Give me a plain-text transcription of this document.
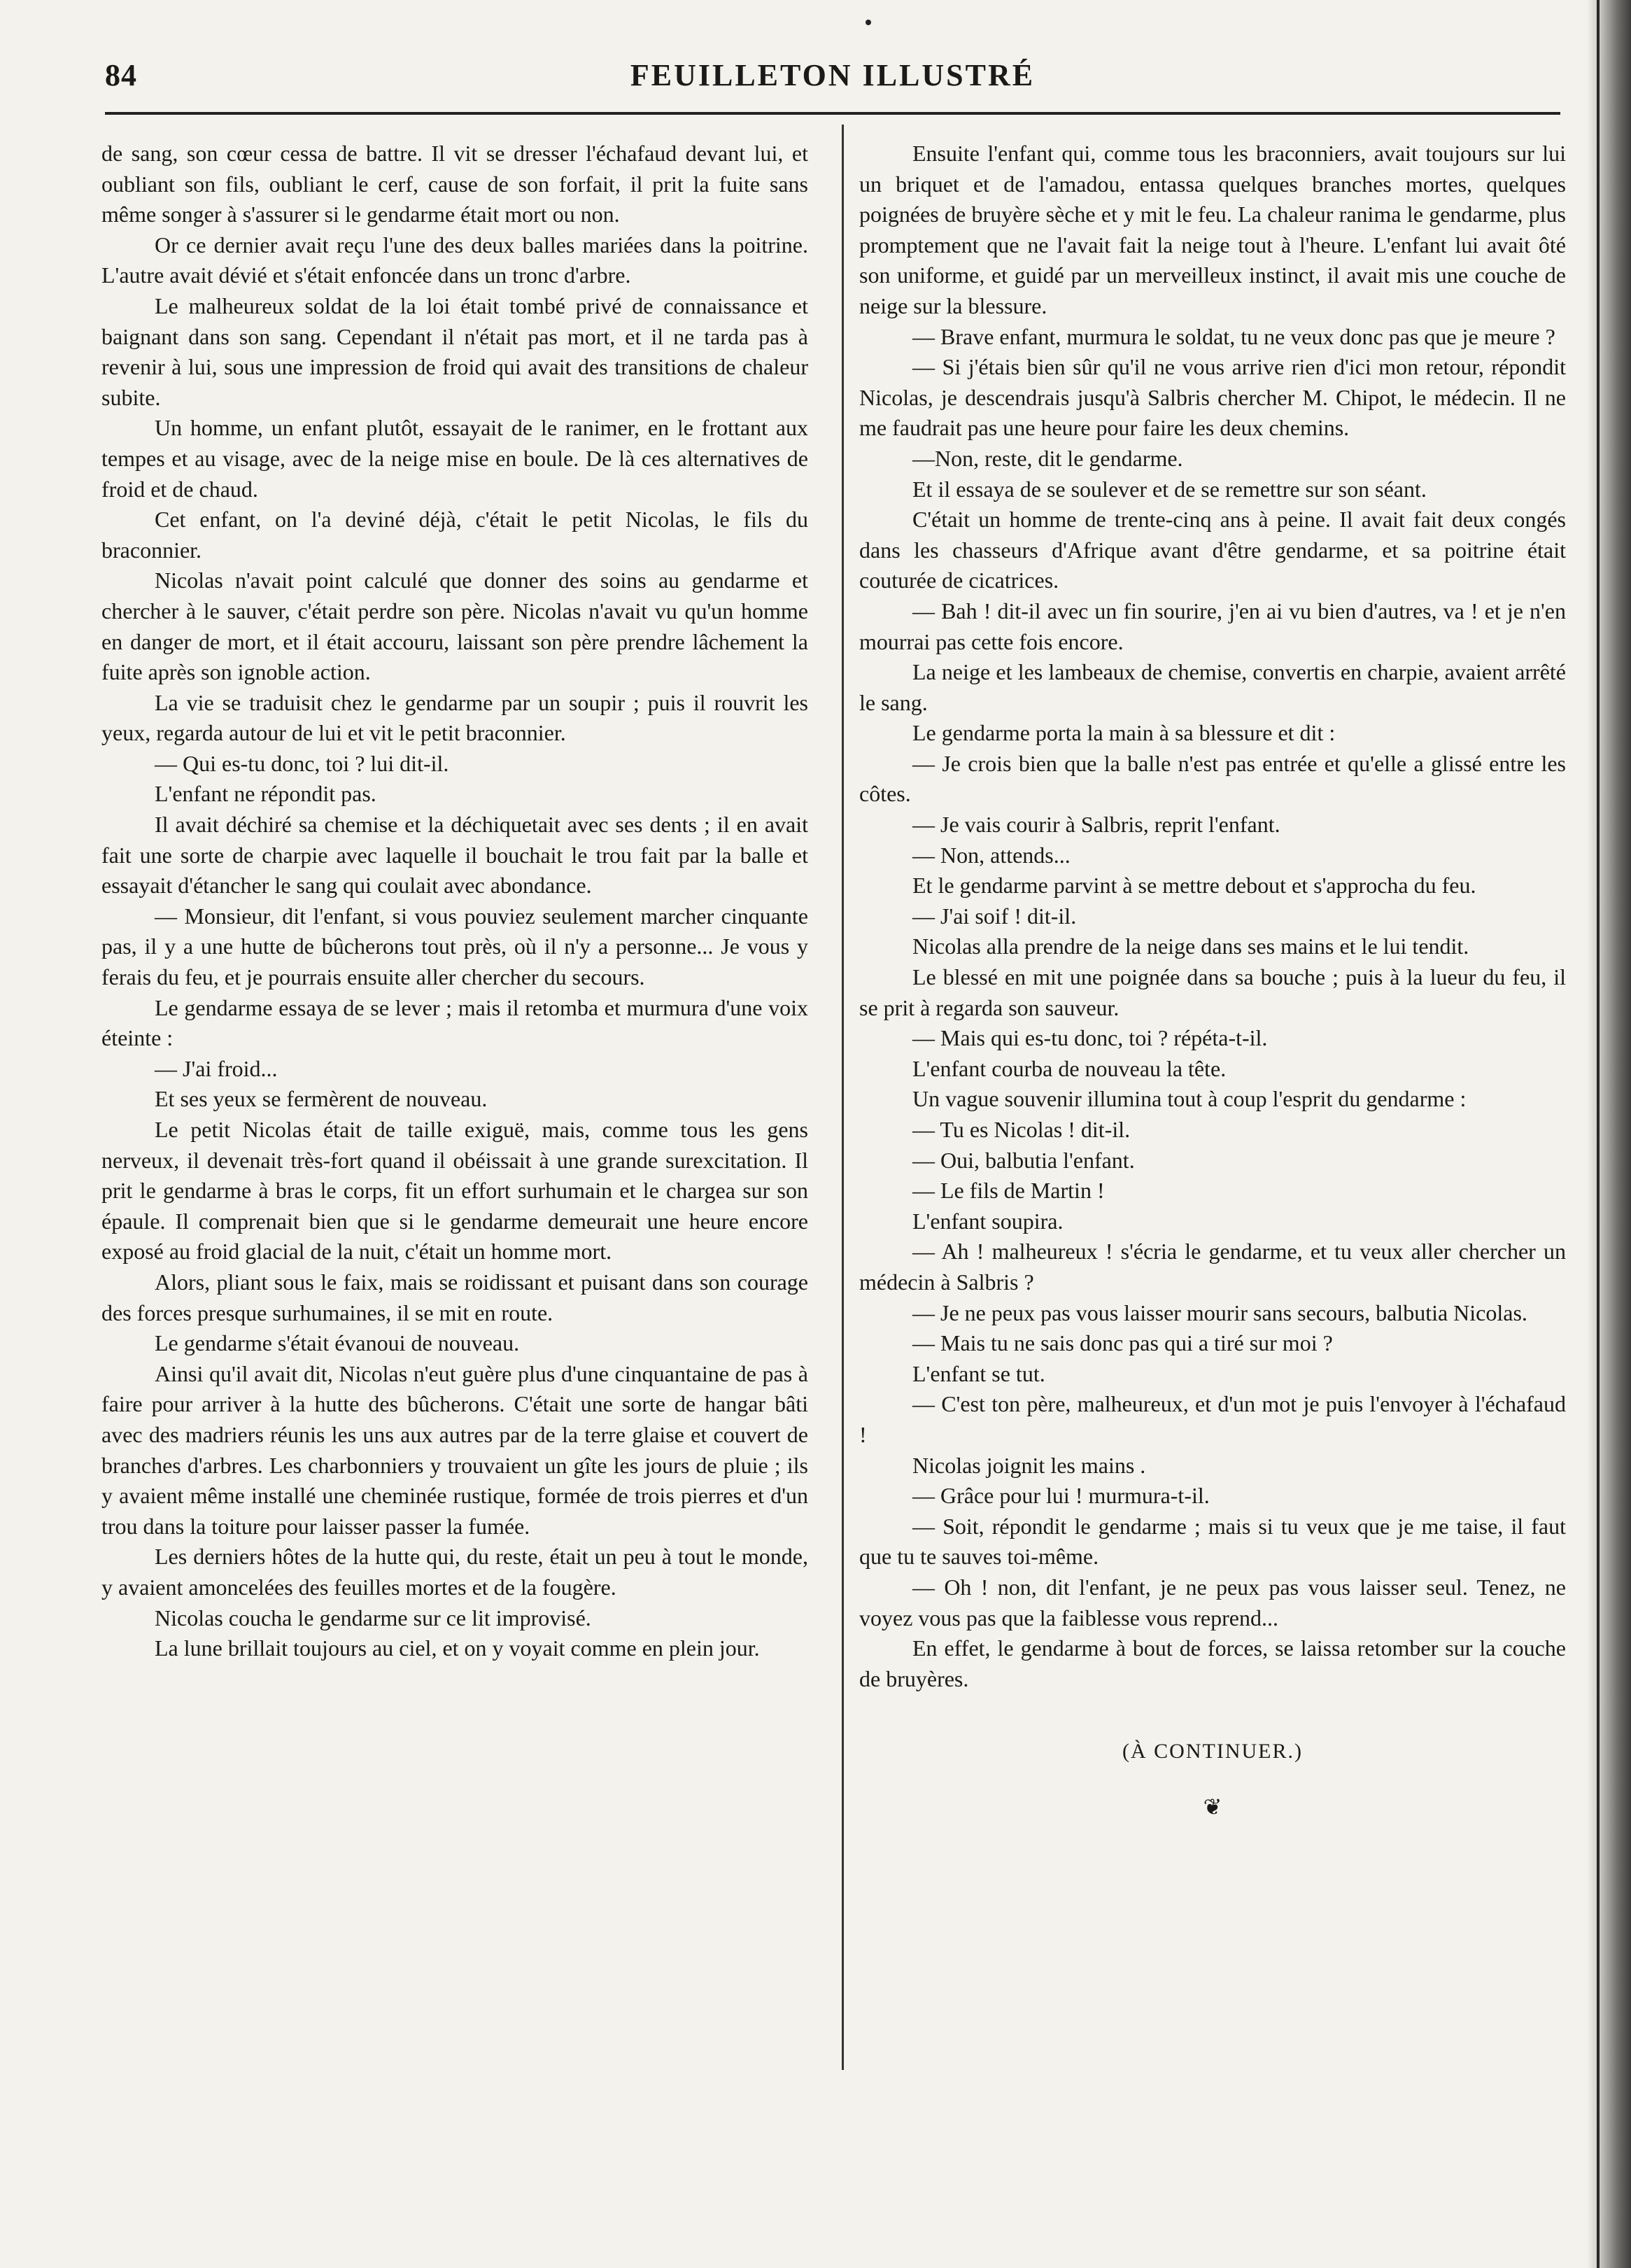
84	FEUILLETON ILLUSTRÉ

de sang, son cœur cessa de battre. Il vit se dresser l'échafaud devant lui, et oubliant son fils, oubliant le cerf, cause de son forfait, il prit la fuite sans même songer à s'assurer si le gendarme était mort ou non.

Or ce dernier avait reçu l'une des deux balles mariées dans la poitrine. L'autre avait dévié et s'était enfoncée dans un tronc d'arbre.

Le malheureux soldat de la loi était tombé privé de connaissance et baignant dans son sang. Cependant il n'était pas mort, et il ne tarda pas à revenir à lui, sous une impression de froid qui avait des transitions de chaleur subite.

Un homme, un enfant plutôt, essayait de le ranimer, en le frottant aux tempes et au visage, avec de la neige mise en boule. De là ces alternatives de froid et de chaud.

Cet enfant, on l'a deviné déjà, c'était le petit Nicolas, le fils du braconnier.

Nicolas n'avait point calculé que donner des soins au gendarme et chercher à le sauver, c'était perdre son père. Nicolas n'avait vu qu'un homme en danger de mort, et il était accouru, laissant son père prendre lâchement la fuite après son ignoble action.

La vie se traduisit chez le gendarme par un soupir ; puis il rouvrit les yeux, regarda autour de lui et vit le petit braconnier.

— Qui es-tu donc, toi ? lui dit-il.

L'enfant ne répondit pas.

Il avait déchiré sa chemise et la déchiquetait avec ses dents ; il en avait fait une sorte de charpie avec laquelle il bouchait le trou fait par la balle et essayait d'étancher le sang qui coulait avec abondance.

— Monsieur, dit l'enfant, si vous pouviez seulement marcher cinquante pas, il y a une hutte de bûcherons tout près, où il n'y a personne... Je vous y ferais du feu, et je pourrais ensuite aller chercher du secours.

Le gendarme essaya de se lever ; mais il retomba et murmura d'une voix éteinte :

— J'ai froid...

Et ses yeux se fermèrent de nouveau.

Le petit Nicolas était de taille exiguë, mais, comme tous les gens nerveux, il devenait très-fort quand il obéissait à une grande surexcitation. Il prit le gendarme à bras le corps, fit un effort surhumain et le chargea sur son épaule. Il comprenait bien que si le gendarme demeurait une heure encore exposé au froid glacial de la nuit, c'était un homme mort.

Alors, pliant sous le faix, mais se roidissant et puisant dans son courage des forces presque surhumaines, il se mit en route.

Le gendarme s'était évanoui de nouveau.

Ainsi qu'il avait dit, Nicolas n'eut guère plus d'une cinquantaine de pas à faire pour arriver à la hutte des bûcherons. C'était une sorte de hangar bâti avec des madriers réunis les uns aux autres par de la terre glaise et couvert de branches d'arbres. Les charbonniers y trouvaient un gîte les jours de pluie ; ils y avaient même installé une cheminée rustique, formée de trois pierres et d'un trou dans la toiture pour laisser passer la fumée.

Les derniers hôtes de la hutte qui, du reste, était un peu à tout le monde, y avaient amoncelées des feuilles mortes et de la fougère.

Nicolas coucha le gendarme sur ce lit improvisé.

La lune brillait toujours au ciel, et on y voyait comme en plein jour.

Ensuite l'enfant qui, comme tous les braconniers, avait toujours sur lui un briquet et de l'amadou, entassa quelques branches mortes, quelques poignées de bruyère sèche et y mit le feu. La chaleur ranima le gendarme, plus promptement que ne l'avait fait la neige tout à l'heure. L'enfant lui avait ôté son uniforme, et guidé par un merveilleux instinct, il avait mis une couche de neige sur la blessure.

— Brave enfant, murmura le soldat, tu ne veux donc pas que je meure ?

— Si j'étais bien sûr qu'il ne vous arrive rien d'ici mon retour, répondit Nicolas, je descendrais jusqu'à Salbris chercher M. Chipot, le médecin. Il ne me faudrait pas une heure pour faire les deux chemins.

—Non, reste, dit le gendarme.

Et il essaya de se soulever et de se remettre sur son séant.

C'était un homme de trente-cinq ans à peine. Il avait fait deux congés dans les chasseurs d'Afrique avant d'être gendarme, et sa poitrine était couturée de cicatrices.

— Bah ! dit-il avec un fin sourire, j'en ai vu bien d'autres, va ! et je n'en mourrai pas cette fois encore.

La neige et les lambeaux de chemise, convertis en charpie, avaient arrêté le sang.

Le gendarme porta la main à sa blessure et dit :

— Je crois bien que la balle n'est pas entrée et qu'elle a glissé entre les côtes.

— Je vais courir à Salbris, reprit l'enfant.

— Non, attends...

Et le gendarme parvint à se mettre debout et s'approcha du feu.

— J'ai soif ! dit-il.

Nicolas alla prendre de la neige dans ses mains et le lui tendit.

Le blessé en mit une poignée dans sa bouche ; puis à la lueur du feu, il se prit à regarda son sauveur.

— Mais qui es-tu donc, toi ? répéta-t-il.

L'enfant courba de nouveau la tête.

Un vague souvenir illumina tout à coup l'esprit du gendarme :

— Tu es Nicolas ! dit-il.

— Oui, balbutia l'enfant.

— Le fils de Martin !

L'enfant soupira.

— Ah ! malheureux ! s'écria le gendarme, et tu veux aller chercher un médecin à Salbris ?

— Je ne peux pas vous laisser mourir sans secours, balbutia Nicolas.

— Mais tu ne sais donc pas qui a tiré sur moi ?

L'enfant se tut.

— C'est ton père, malheureux, et d'un mot je puis l'envoyer à l'échafaud !

Nicolas joignit les mains .

— Grâce pour lui ! murmura-t-il.

— Soit, répondit le gendarme ; mais si tu veux que je me taise, il faut que tu te sauves toi-même.

— Oh ! non, dit l'enfant, je ne peux pas vous laisser seul. Tenez, ne voyez vous pas que la faiblesse vous reprend...

En effet, le gendarme à bout de forces, se laissa retomber sur la couche de bruyères.

(À CONTINUER.)

❦
